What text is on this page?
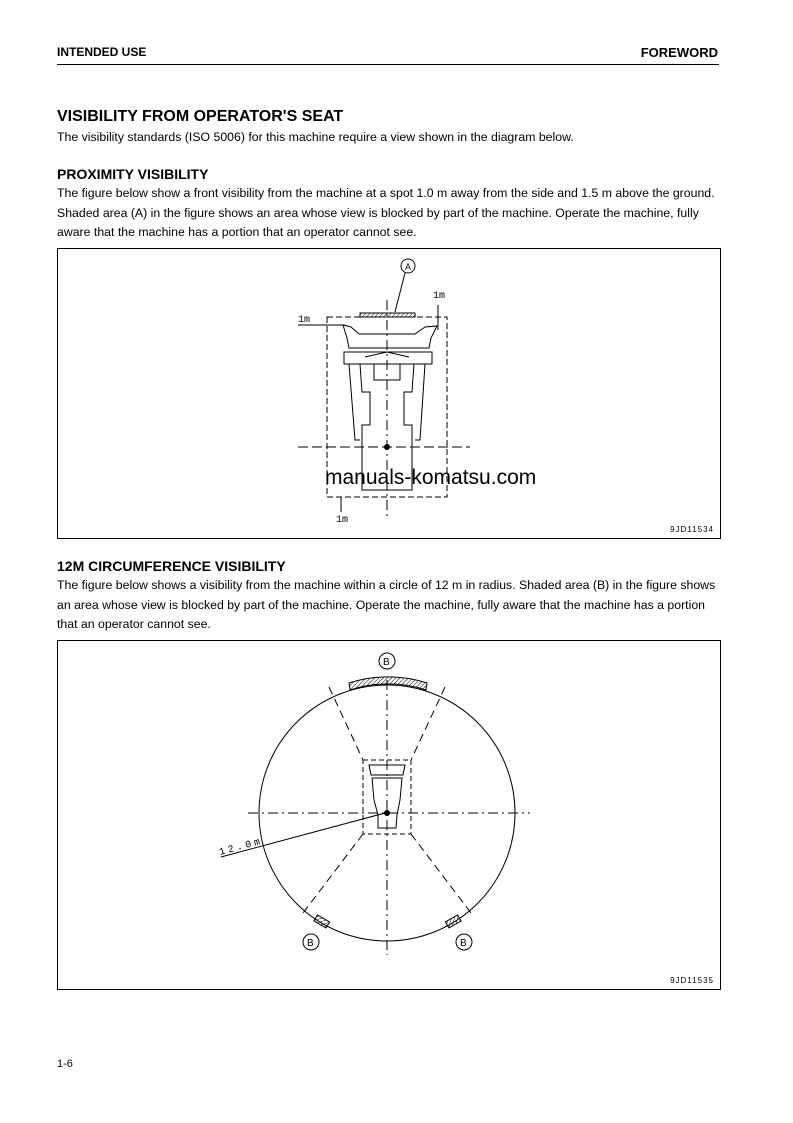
INTENDED USE	FOREWORD
VISIBILITY FROM OPERATOR'S SEAT

The visibility standards (ISO 5006) for this machine require a view shown in the diagram below.

PROXIMITY VISIBILITY

The figure below show a front visibility from the machine at a spot 1.0 m away from the side and 1.5 m above the ground. Shaded area (A) in the figure shows an area whose view is blocked by part of the machine. Operate the machine, fully aware that the machine has a portion that an operator cannot see.

9JD11534
12M CIRCUMFERENCE VISIBILITY

The figure below shows a visibility from the machine within a circle of 12 m in radius. Shaded area (B) in the figure shows an area whose view is blocked by part of the machine. Operate the machine, fully aware that the machine has a portion that an operator cannot see.

9JD11535
1m
1m
1m
A
B
B	B
12.0m
manuals-komatsu.com
1-6
